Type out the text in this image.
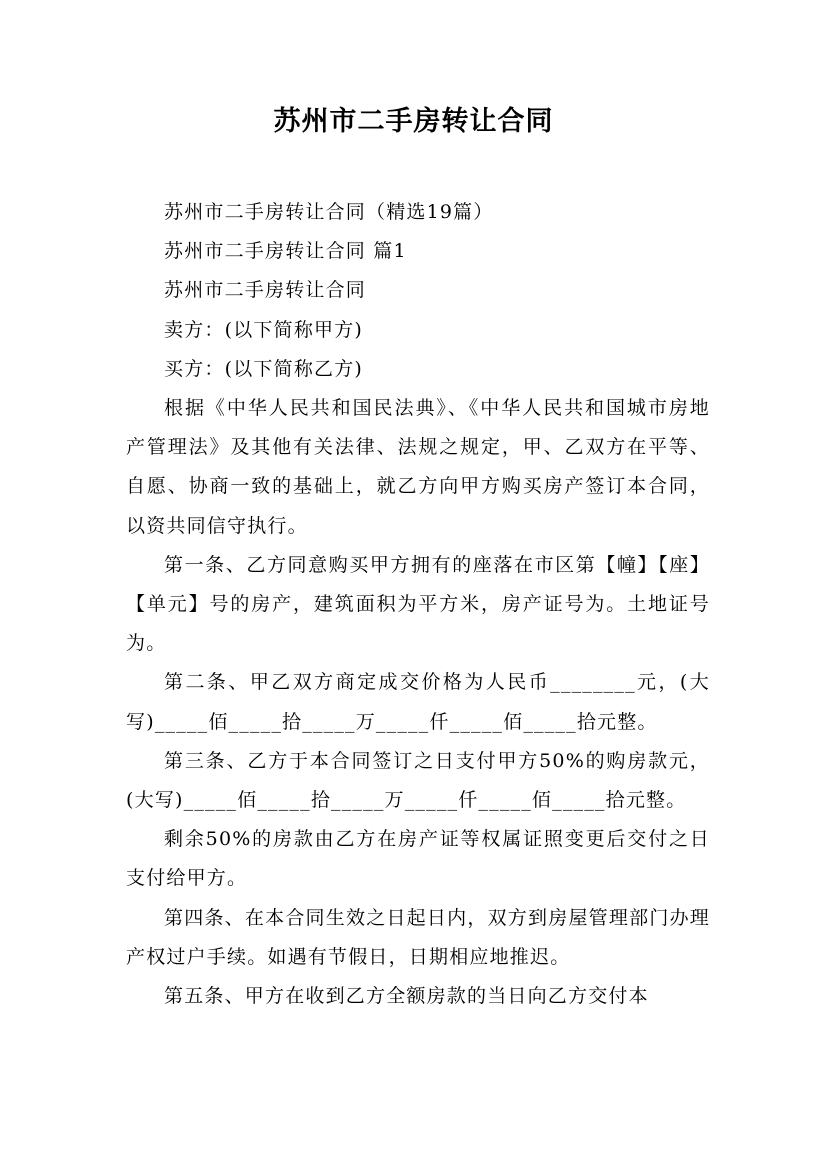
苏州市二手房转让合同

苏州市二手房转让合同（精选19篇）

苏州市二手房转让合同 篇1

苏州市二手房转让合同

卖方：(以下简称甲方)

买方：(以下简称乙方)

根据《中华人民共和国民法典》、《中华人民共和国城市房地产管理法》及其他有关法律、法规之规定，甲、乙双方在平等、自愿、协商一致的基础上，就乙方向甲方购买房产签订本合同，以资共同信守执行。

第一条、乙方同意购买甲方拥有的座落在市区第【幢】【座】【单元】号的房产，建筑面积为平方米，房产证号为。土地证号为。

第二条、甲乙双方商定成交价格为人民币________元，(大写)_____佰_____拾_____万_____仟_____佰_____拾元整。

第三条、乙方于本合同签订之日支付甲方50%的购房款元，(大写)_____佰_____拾_____万_____仟_____佰_____拾元整。

剩余50%的房款由乙方在房产证等权属证照变更后交付之日支付给甲方。

第四条、在本合同生效之日起日内，双方到房屋管理部门办理产权过户手续。如遇有节假日，日期相应地推迟。

第五条、甲方在收到乙方全额房款的当日向乙方交付本
